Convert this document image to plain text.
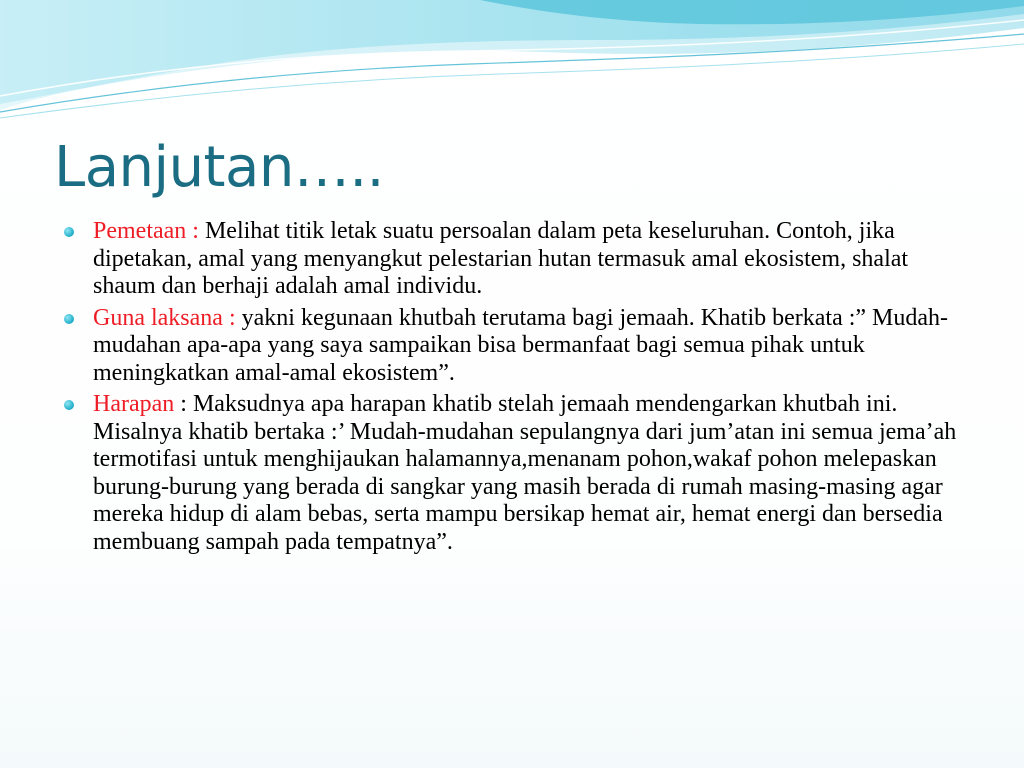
Lanjutan…..
Pemetaan : Melihat titik letak suatu persoalan dalam peta keseluruhan. Contoh, jika dipetakan, amal yang menyangkut pelestarian hutan termasuk amal ekosistem, shalat shaum dan berhaji adalah amal individu.
Guna laksana : yakni kegunaan khutbah terutama bagi jemaah. Khatib berkata :” Mudah-mudahan apa-apa yang saya sampaikan bisa bermanfaat bagi semua pihak untuk meningkatkan amal-amal ekosistem”.
Harapan : Maksudnya apa harapan khatib stelah jemaah mendengarkan khutbah ini. Misalnya khatib bertaka :’ Mudah-mudahan sepulangnya dari jum’atan ini semua jema’ah termotifasi untuk menghijaukan halamannya,menanam pohon,wakaf pohon melepaskan burung-burung yang berada di sangkar yang masih berada di rumah masing-masing agar mereka hidup di alam bebas, serta mampu bersikap hemat air, hemat energi dan bersedia membuang sampah pada tempatnya”.
